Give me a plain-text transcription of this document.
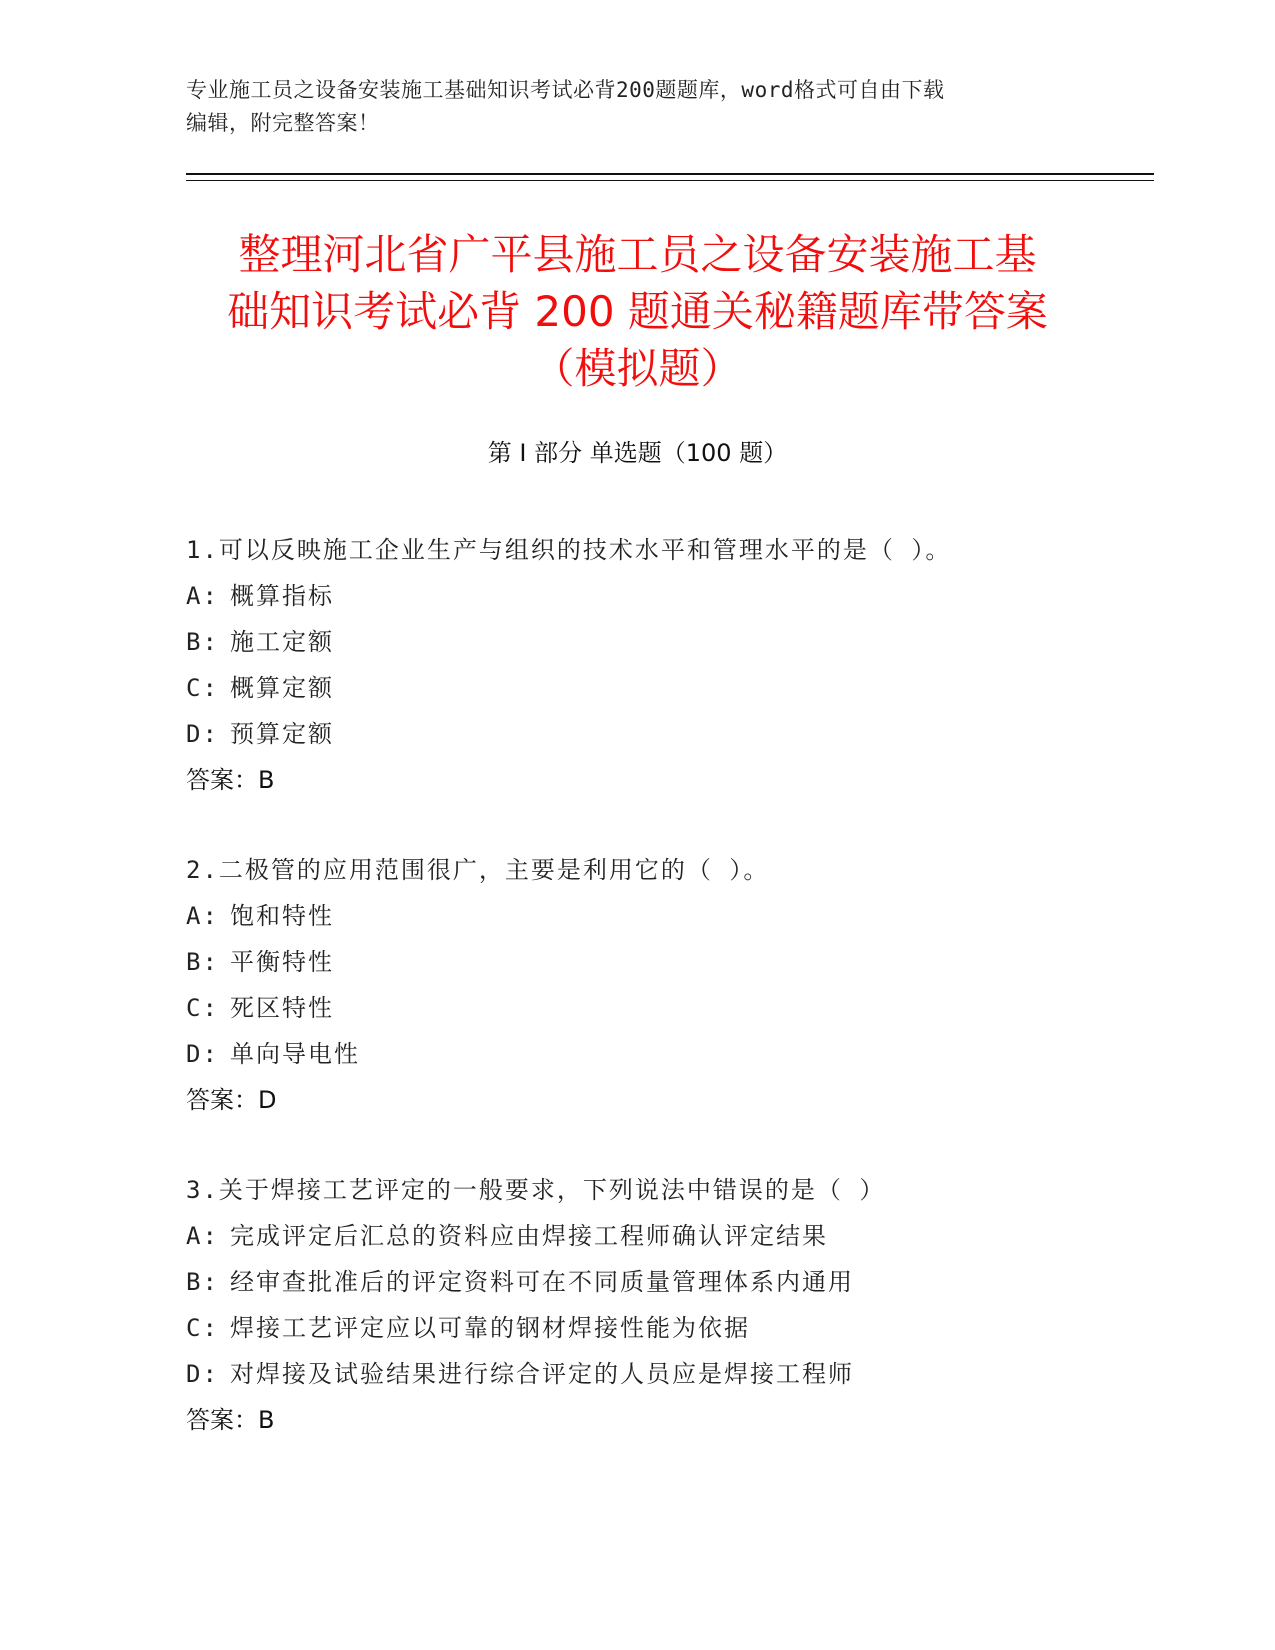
专业施工员之设备安装施工基础知识考试必背200题题库，word格式可自由下载
编辑，附完整答案！
整理河北省广平县施工员之设备安装施工基
础知识考试必背 200 题通关秘籍题库带答案
（模拟题）
第 I 部分 单选题（100 题）
1.可以反映施工企业生产与组织的技术水平和管理水平的是（ ）。
A: 概算指标
B: 施工定额
C: 概算定额
D: 预算定额
答案：B
2.二极管的应用范围很广，主要是利用它的（ ）。
A: 饱和特性
B: 平衡特性
C: 死区特性
D: 单向导电性
答案：D
3.关于焊接工艺评定的一般要求，下列说法中错误的是（ ）
A: 完成评定后汇总的资料应由焊接工程师确认评定结果
B: 经审查批准后的评定资料可在不同质量管理体系内通用
C: 焊接工艺评定应以可靠的钢材焊接性能为依据
D: 对焊接及试验结果进行综合评定的人员应是焊接工程师
答案：B
